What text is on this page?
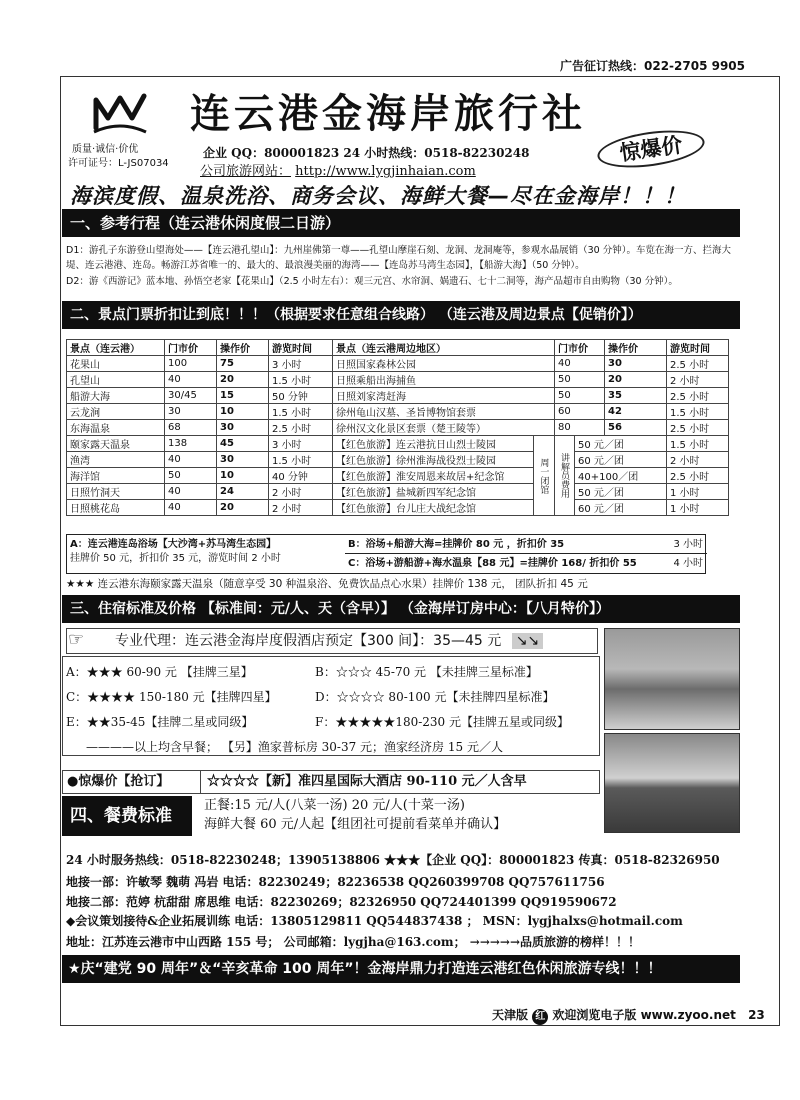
广告征订热线：022-2705 9905
质量·诚信·价优
许可证号：L-JS07034
连云港金海岸旅行社
企业 QQ：800001823 24 小时热线：0518-82230248
公司旅游网站： http://www.lygjinhaian.com
惊爆价
海滨度假、温泉洗浴、商务会议、海鲜大餐—尽在金海岸！！！
一、参考行程（连云港休闲度假二日游）
D1：游孔子东游登山望海处——【连云港孔望山】：九州崖佛第一尊——孔望山摩崖石刻、龙洞、龙洞庵等，参观水晶展销（30 分钟）。车览在海一方、拦海大堤、连云港港、连岛。畅游江苏省唯一的、最大的、最浪漫美丽的海湾——【连岛苏马湾生态园】，【船游大海】（50 分钟）。
D2：游《西游记》蓝本地、孙悟空老家【花果山】（2.5 小时左右）：观三元宫、水帘洞、娲遗石、七十二洞等，海产品超市自由购物（30 分钟）。
二、景点门票折扣让到底！！！（根据要求任意组合线路） （连云港及周边景点【促销价】）
景点（连云港）	门市价	操作价	游览时间	景点（连云港周边地区）		门市价		操作价	游览时间
花果山	100	75	3 小时	日照国家森林公园		40		30	2.5 小时
孔望山	40	20	1.5 小时	日照乘船出海捕鱼		50		20	2 小时
船游大海	30/45	15	50 分钟	日照刘家湾赶海		50		35	2.5 小时
云龙涧	30	10	1.5 小时	徐州龟山汉墓、圣旨博物馆套票		60		42	1.5 小时
东海温泉	68	30	2.5 小时	徐州汉文化景区套票（楚王陵等）		80		56	2.5 小时
颐家露天温泉	138	45	3 小时	【红色旅游】连云港抗日山烈士陵园	周一闭馆	讲解员费用	50 元／团		1.5 小时
渔湾	40	30	1.5 小时	【红色旅游】徐州淮海战役烈士陵园			60 元／团		2 小时
海洋馆	50	10	40 分钟	【红色旅游】淮安周恩来故居+纪念馆			40+100／团		2.5 小时
日照竹洞天	40	24	2 小时	【红色旅游】盐城新四军纪念馆			50 元／团		1 小时
日照桃花岛	40	20	2 小时	【红色旅游】台儿庄大战纪念馆			60 元／团		1 小时
A：连云港连岛浴场【大沙湾+苏马湾生态园】
挂牌价 50 元，折扣价 35 元，游览时间 2 小时
B：浴场+船游大海=挂牌价 80 元 ，折扣价 35	3 小时
C：浴场+游船游+海水温泉【88 元】=挂牌价 168/ 折扣价 55	4 小时
★★★ 连云港东海颐家露天温泉（随意享受 30 种温泉浴、免费饮品点心水果）挂牌价 138 元， 团队折扣 45 元
三、住宿标准及价格 【标准间：元/人、天（含早）】 （金海岸订房中心：【八月特价】）
专业代理：连云港金海岸度假酒店预定【300 间】：35—45 元 ↘↘
☞
A：★★★ 60-90 元 【挂牌三星】	B：☆☆☆ 45-70 元 【未挂牌三星标准】
C：★★★★ 150-180 元【挂牌四星】	D：☆☆☆☆ 80-100 元【未挂牌四星标准】
E：★★35-45【挂牌二星或同级】	F：★★★★★180-230 元【挂牌五星或同级】
————以上均含早餐； 【另】渔家普标房 30-37 元；渔家经济房 15 元／人
●惊爆价【抢订】	☆☆☆☆【新】准四星国际大酒店 90-110 元／人含早
四、餐费标准
正餐:15 元/人(八菜一汤) 20 元/人(十菜一汤)
海鲜大餐 60 元/人起【组团社可提前看菜单并确认】
24 小时服务热线：0518-82230248；13905138806 ★★★【企业 QQ】：800001823 传真：0518-82326950
地接一部：许敏琴 魏萌 冯岩 电话：82230249；82236538 QQ260399708 QQ757611756
地接二部：范婷 杭甜甜 席思维 电话：82230269；82326950 QQ724401399 QQ919590672
◆会议策划接待&企业拓展训练 电话：13805129811 QQ544837438 ； MSN：lygjhalxs@hotmail.com
地址：江苏连云港市中山西路 155 号； 公司邮箱：lygjha@163.com； →→→→→品质旅游的榜样！！！
★庆“建党 90 周年”＆“辛亥革命 100 周年”！金海岸鼎力打造连云港红色休闲旅游专线！！！
天津版 红 欢迎浏览电子版 www.zyoo.net 23
